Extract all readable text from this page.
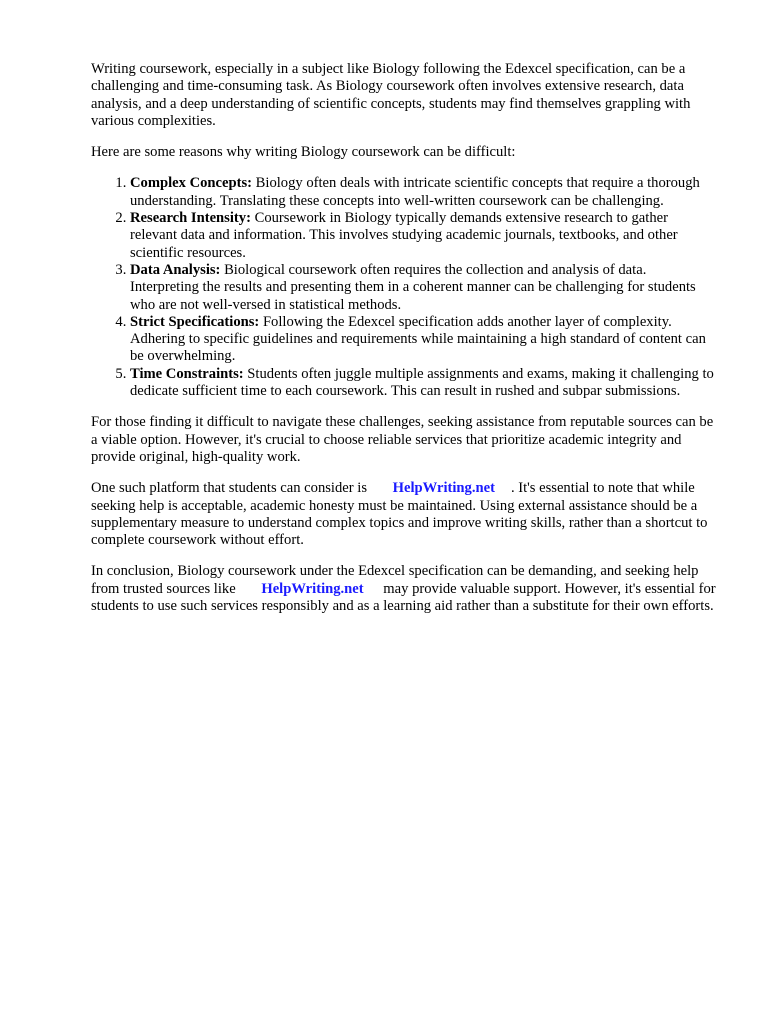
Writing coursework, especially in a subject like Biology following the Edexcel specification, can be a challenging and time-consuming task. As Biology coursework often involves extensive research, data analysis, and a deep understanding of scientific concepts, students may find themselves grappling with various complexities.

Here are some reasons why writing Biology coursework can be difficult:

1. Complex Concepts: Biology often deals with intricate scientific concepts that require a thorough understanding. Translating these concepts into well-written coursework can be challenging.
2. Research Intensity: Coursework in Biology typically demands extensive research to gather relevant data and information. This involves studying academic journals, textbooks, and other scientific resources.
3. Data Analysis: Biological coursework often requires the collection and analysis of data. Interpreting the results and presenting them in a coherent manner can be challenging for students who are not well-versed in statistical methods.
4. Strict Specifications: Following the Edexcel specification adds another layer of complexity. Adhering to specific guidelines and requirements while maintaining a high standard of content can be overwhelming.
5. Time Constraints: Students often juggle multiple assignments and exams, making it challenging to dedicate sufficient time to each coursework. This can result in rushed and subpar submissions.

For those finding it difficult to navigate these challenges, seeking assistance from reputable sources can be a viable option. However, it's crucial to choose reliable services that prioritize academic integrity and provide original, high-quality work.

One such platform that students can consider is HelpWriting.net . It's essential to note that while seeking help is acceptable, academic honesty must be maintained. Using external assistance should be a supplementary measure to understand complex topics and improve writing skills, rather than a shortcut to complete coursework without effort.

In conclusion, Biology coursework under the Edexcel specification can be demanding, and seeking help from trusted sources like HelpWriting.net may provide valuable support. However, it's essential for students to use such services responsibly and as a learning aid rather than a substitute for their own efforts.
